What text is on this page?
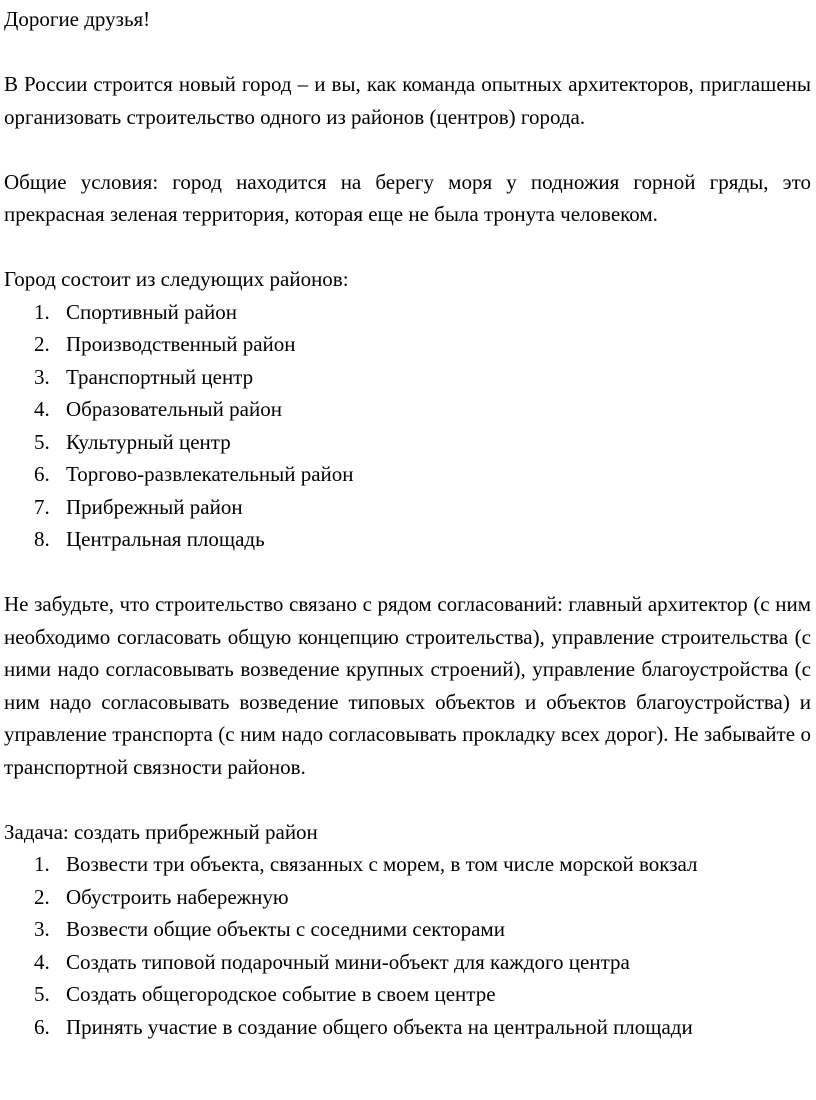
Дорогие друзья!

В России строится новый город – и вы, как команда опытных архитекторов, приглашены организовать строительство одного из районов (центров) города.

Общие условия: город находится на берегу моря у подножия горной гряды, это прекрасная зеленая территория, которая еще не была тронута человеком.

Город состоит из следующих районов:

1. Спортивный район
2. Производственный район
3. Транспортный центр
4. Образовательный район
5. Культурный центр
6. Торгово-развлекательный район
7. Прибрежный район
8. Центральная площадь

Не забудьте, что строительство связано с рядом согласований: главный архитектор (с ним необходимо согласовать общую концепцию строительства), управление строительства (с ними надо согласовывать возведение крупных строений), управление благоустройства (с ним надо согласовывать возведение типовых объектов и объектов благоустройства) и управление транспорта (с ним надо согласовывать прокладку всех дорог). Не забывайте о транспортной связности районов.

Задача: создать прибрежный район

1. Возвести три объекта, связанных с морем, в том числе морской вокзал
2. Обустроить набережную
3. Возвести общие объекты с соседними секторами
4. Создать типовой подарочный мини-объект для каждого центра
5. Создать общегородское событие в своем центре
6. Принять участие в создание общего объекта на центральной площади
